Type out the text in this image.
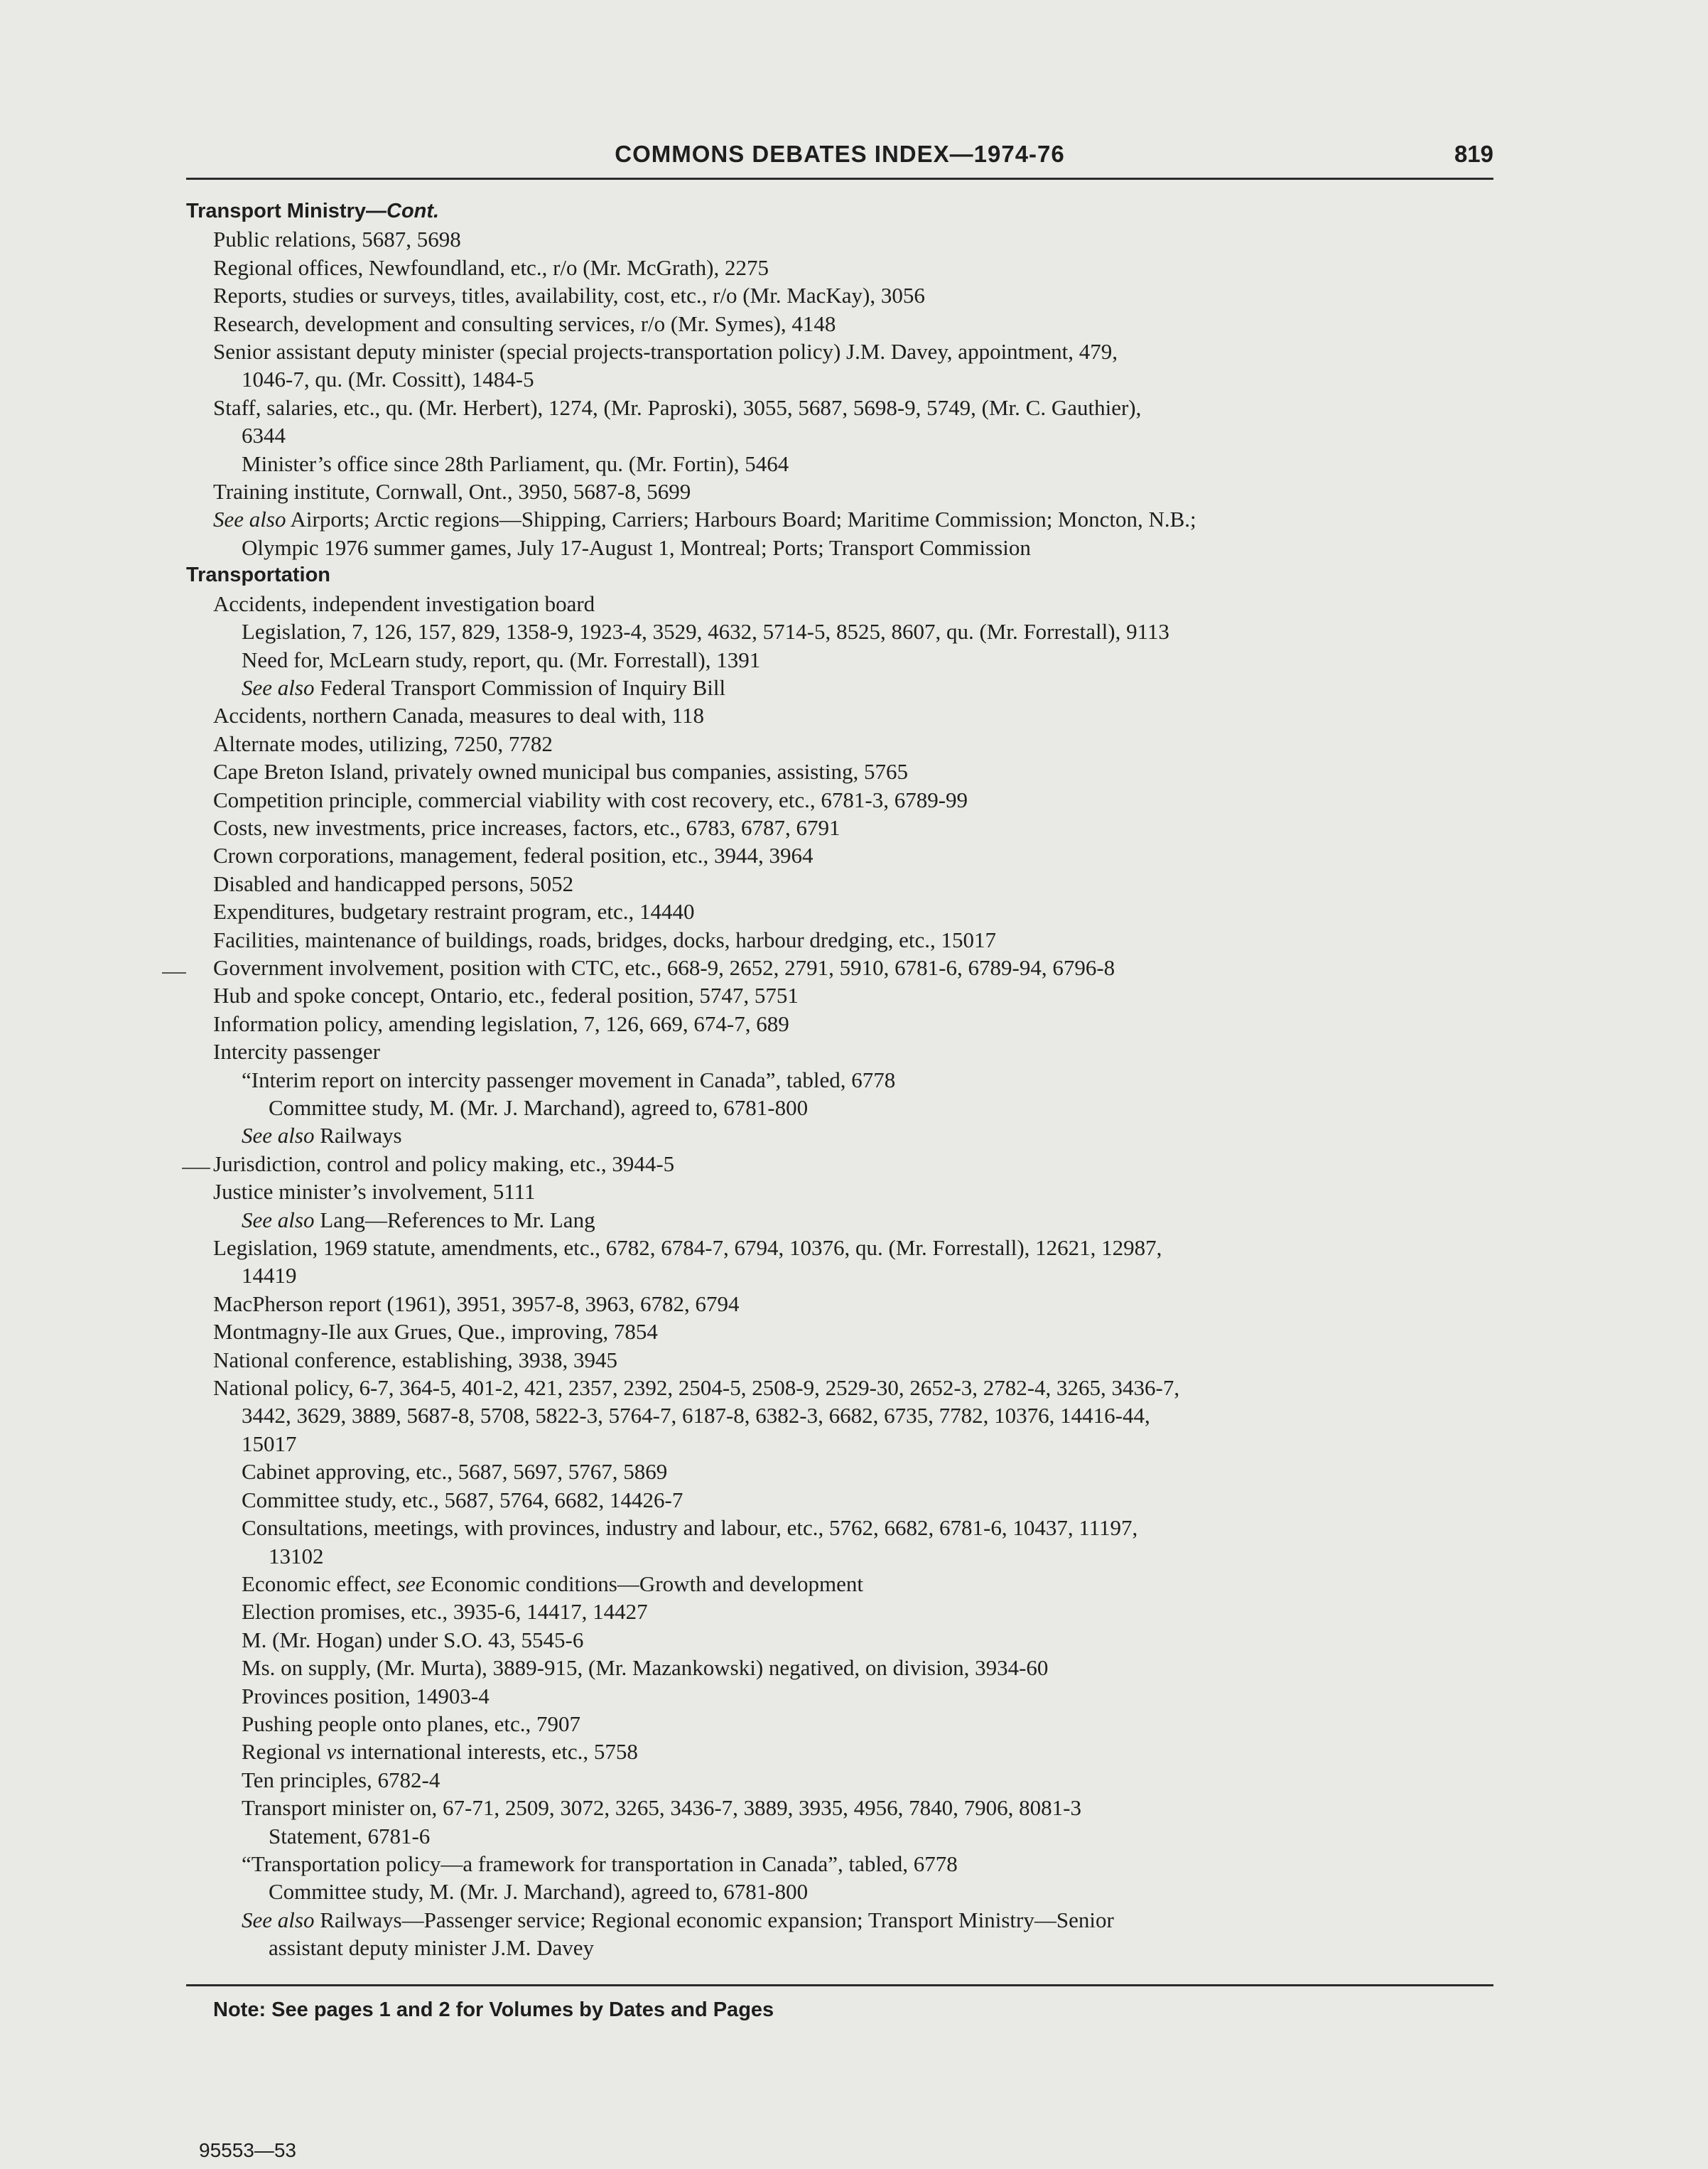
COMMONS DEBATES INDEX—1974-76	819
Transport Ministry—Cont.
Public relations, 5687, 5698
Regional offices, Newfoundland, etc., r/o (Mr. McGrath), 2275
Reports, studies or surveys, titles, availability, cost, etc., r/o (Mr. MacKay), 3056
Research, development and consulting services, r/o (Mr. Symes), 4148
Senior assistant deputy minister (special projects-transportation policy) J.M. Davey, appointment, 479,
1046-7, qu. (Mr. Cossitt), 1484-5
Staff, salaries, etc., qu. (Mr. Herbert), 1274, (Mr. Paproski), 3055, 5687, 5698-9, 5749, (Mr. C. Gauthier),
6344
Minister’s office since 28th Parliament, qu. (Mr. Fortin), 5464
Training institute, Cornwall, Ont., 3950, 5687-8, 5699
See also Airports; Arctic regions—Shipping, Carriers; Harbours Board; Maritime Commission; Moncton, N.B.;
Olympic 1976 summer games, July 17-August 1, Montreal; Ports; Transport Commission
Transportation
Accidents, independent investigation board
Legislation, 7, 126, 157, 829, 1358-9, 1923-4, 3529, 4632, 5714-5, 8525, 8607, qu. (Mr. Forrestall), 9113
Need for, McLearn study, report, qu. (Mr. Forrestall), 1391
See also Federal Transport Commission of Inquiry Bill
Accidents, northern Canada, measures to deal with, 118
Alternate modes, utilizing, 7250, 7782
Cape Breton Island, privately owned municipal bus companies, assisting, 5765
Competition principle, commercial viability with cost recovery, etc., 6781-3, 6789-99
Costs, new investments, price increases, factors, etc., 6783, 6787, 6791
Crown corporations, management, federal position, etc., 3944, 3964
Disabled and handicapped persons, 5052
Expenditures, budgetary restraint program, etc., 14440
Facilities, maintenance of buildings, roads, bridges, docks, harbour dredging, etc., 15017
Government involvement, position with CTC, etc., 668-9, 2652, 2791, 5910, 6781-6, 6789-94, 6796-8
Hub and spoke concept, Ontario, etc., federal position, 5747, 5751
Information policy, amending legislation, 7, 126, 669, 674-7, 689
Intercity passenger
“Interim report on intercity passenger movement in Canada”, tabled, 6778
Committee study, M. (Mr. J. Marchand), agreed to, 6781-800
See also Railways
Jurisdiction, control and policy making, etc., 3944-5
Justice minister’s involvement, 5111
See also Lang—References to Mr. Lang
Legislation, 1969 statute, amendments, etc., 6782, 6784-7, 6794, 10376, qu. (Mr. Forrestall), 12621, 12987,
14419
MacPherson report (1961), 3951, 3957-8, 3963, 6782, 6794
Montmagny-Ile aux Grues, Que., improving, 7854
National conference, establishing, 3938, 3945
National policy, 6-7, 364-5, 401-2, 421, 2357, 2392, 2504-5, 2508-9, 2529-30, 2652-3, 2782-4, 3265, 3436-7,
3442, 3629, 3889, 5687-8, 5708, 5822-3, 5764-7, 6187-8, 6382-3, 6682, 6735, 7782, 10376, 14416-44,
15017
Cabinet approving, etc., 5687, 5697, 5767, 5869
Committee study, etc., 5687, 5764, 6682, 14426-7
Consultations, meetings, with provinces, industry and labour, etc., 5762, 6682, 6781-6, 10437, 11197,
13102
Economic effect, see Economic conditions—Growth and development
Election promises, etc., 3935-6, 14417, 14427
M. (Mr. Hogan) under S.O. 43, 5545-6
Ms. on supply, (Mr. Murta), 3889-915, (Mr. Mazankowski) negatived, on division, 3934-60
Provinces position, 14903-4
Pushing people onto planes, etc., 7907
Regional vs international interests, etc., 5758
Ten principles, 6782-4
Transport minister on, 67-71, 2509, 3072, 3265, 3436-7, 3889, 3935, 4956, 7840, 7906, 8081-3
Statement, 6781-6
“Transportation policy—a framework for transportation in Canada”, tabled, 6778
Committee study, M. (Mr. J. Marchand), agreed to, 6781-800
See also Railways—Passenger service; Regional economic expansion; Transport Ministry—Senior
assistant deputy minister J.M. Davey
Note: See pages 1 and 2 for Volumes by Dates and Pages
95553—53
